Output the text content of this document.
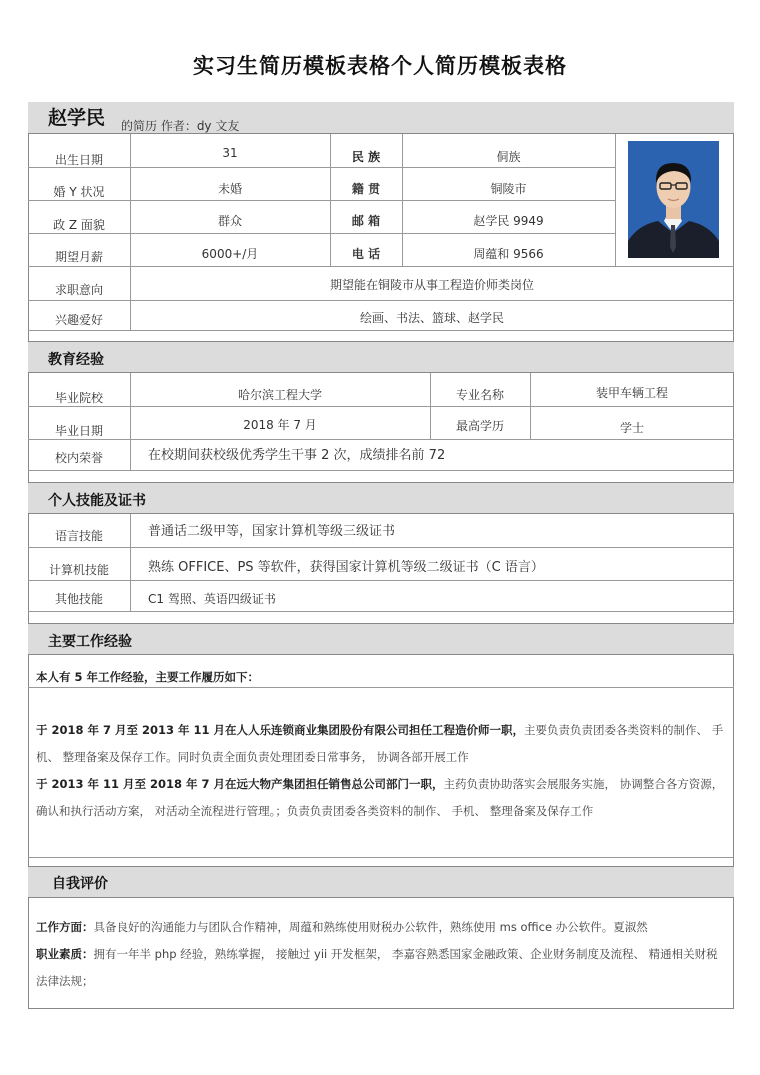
实习生简历模板表格个人简历模板表格
赵学民 的简历 作者：dy 文友
出生日期	31	民 族	侗族
婚 Y 状况	未婚	籍 贯	铜陵市
政 Z 面貌	群众	邮 箱	赵学民 9949
期望月薪	6000+/月	电 话	周蕴和 9566
求职意向	期望能在铜陵市从事工程造价师类岗位
兴趣爱好	绘画、书法、篮球、赵学民
教育经验
毕业院校	哈尔滨工程大学	专业名称	装甲车辆工程
毕业日期	2018 年 7 月	最高学历	学士
校内荣誉	在校期间获校级优秀学生干事 2 次，成绩排名前 72
个人技能及证书
语言技能	普通话二级甲等，国家计算机等级三级证书
计算机技能	熟练 OFFICE、PS 等软件，获得国家计算机等级二级证书（C 语言）
其他技能	C1 驾照、英语四级证书
主要工作经验
本人有 5 年工作经验，主要工作履历如下：
于 2018 年 7 月至 2013 年 11 月在人人乐连锁商业集团股份有限公司担任工程造价师一职，主要负责负责团委各类资料的制作、 手机、 整理备案及保存工作。同时负责全面负责处理团委日常事务， 协调各部开展工作
于 2013 年 11 月至 2018 年 7 月在远大物产集团担任销售总公司部门一职，主药负责协助落实会展服务实施， 协调整合各方资源， 确认和执行活动方案， 对活动全流程进行管理。；负责负责团委各类资料的制作、 手机、 整理备案及保存工作
自我评价
工作方面：具备良好的沟通能力与团队合作精神，周蕴和熟练使用财税办公软件，熟练使用 ms office 办公软件。夏淑然
职业素质：拥有一年半 php 经验，熟练掌握， 接触过 yii 开发框架， 李嘉容熟悉国家金融政策、企业财务制度及流程、 精通相关财税法律法规；
